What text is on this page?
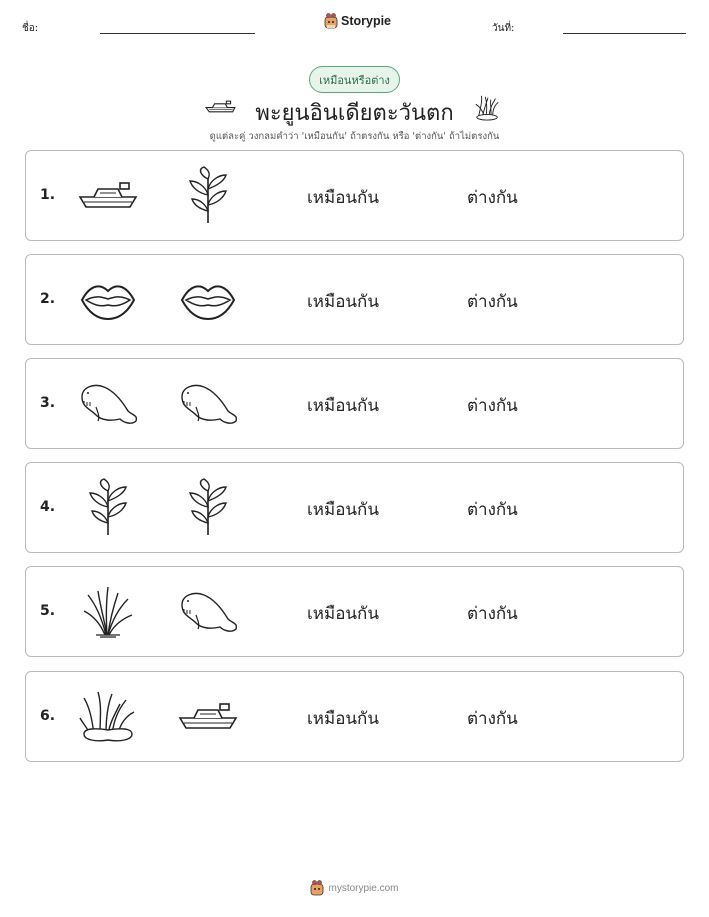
ชื่อ:
Storypie
วันที่:
เหมือนหรือต่าง
พะยูนอินเดียตะวันตก
ดูแต่ละคู่ วงกลมคำว่า 'เหมือนกัน' ถ้าตรงกัน หรือ 'ต่างกัน' ถ้าไม่ตรงกัน
1.	เหมือนกัน	ต่างกัน
2.	เหมือนกัน	ต่างกัน
3.	เหมือนกัน	ต่างกัน
4.	เหมือนกัน	ต่างกัน
5.	เหมือนกัน	ต่างกัน
6.	เหมือนกัน	ต่างกัน
mystorypie.com
